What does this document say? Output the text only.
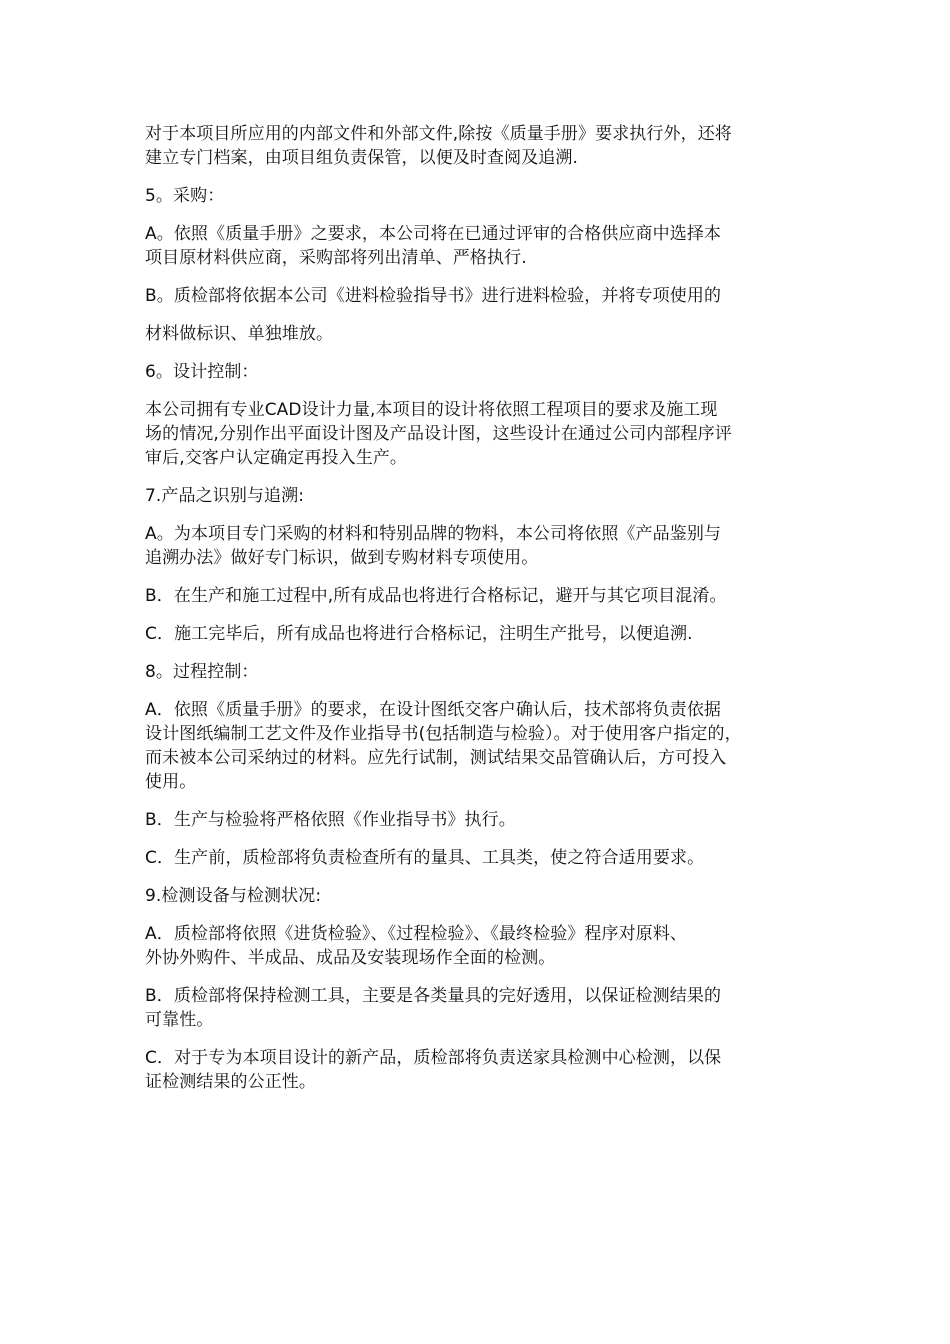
对于本项目所应用的内部文件和外部文件,除按《质量手册》要求执行外，还将
建立专门档案，由项目组负责保管，以便及时查阅及追溯.

5。采购：

A。依照《质量手册》之要求，本公司将在已通过评审的合格供应商中选择本
项目原材料供应商，采购部将列出清单、严格执行.

B。质检部将依据本公司《进料检验指导书》进行进料检验，并将专项使用的

材料做标识、单独堆放。

6。设计控制：

本公司拥有专业CAD设计力量,本项目的设计将依照工程项目的要求及施工现
场的情况,分别作出平面设计图及产品设计图，这些设计在通过公司内部程序评
审后,交客户认定确定再投入生产。

7.产品之识别与追溯:

A。为本项目专门采购的材料和特别品牌的物料，本公司将依照《产品鉴别与
追溯办法》做好专门标识，做到专购材料专项使用。

B．在生产和施工过程中,所有成品也将进行合格标记，避开与其它项目混淆。

C．施工完毕后，所有成品也将进行合格标记，注明生产批号，以便追溯.

8。过程控制：

A．依照《质量手册》的要求，在设计图纸交客户确认后，技术部将负责依据
设计图纸编制工艺文件及作业指导书(包括制造与检验）。对于使用客户指定的，
而未被本公司采纳过的材料。应先行试制，测试结果交品管确认后，方可投入
使用。

B．生产与检验将严格依照《作业指导书》执行。

C．生产前，质检部将负责检查所有的量具、工具类，使之符合适用要求。

9.检测设备与检测状况:

A．质检部将依照《进货检验》、《过程检验》、《最终检验》程序对原料、
外协外购件、半成品、成品及安装现场作全面的检测。

B．质检部将保持检测工具，主要是各类量具的完好透用，以保证检测结果的
可靠性。

C．对于专为本项目设计的新产品，质检部将负责送家具检测中心检测，以保
证检测结果的公正性。
